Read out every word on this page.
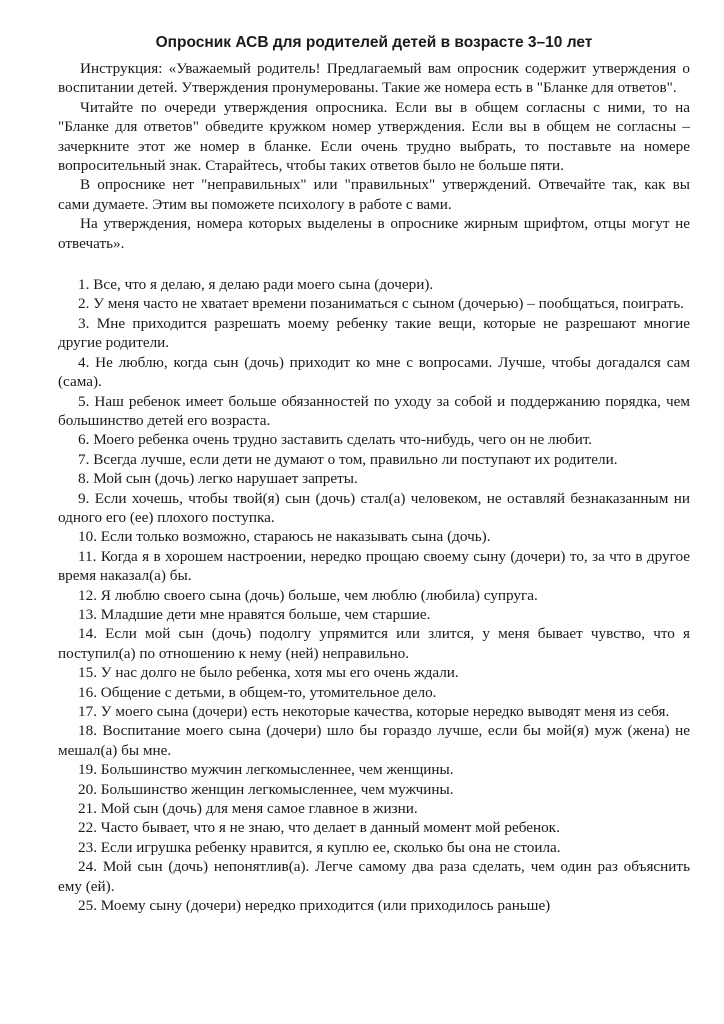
Опросник АСВ для родителей детей в возрасте 3–10 лет

Инструкция: «Уважаемый родитель! Предлагаемый вам опросник содержит утверждения о воспитании детей. Утверждения пронумерованы. Такие же номера есть в "Бланке для ответов".

Читайте по очереди утверждения опросника. Если вы в общем согласны с ними, то на "Бланке для ответов" обведите кружком номер утверждения. Если вы в общем не согласны – зачеркните этот же номер в бланке. Если очень трудно выбрать, то поставьте на номере вопросительный знак. Старайтесь, чтобы таких ответов было не больше пяти.

В опроснике нет "неправильных" или "правильных" утверждений. Отвечайте так, как вы сами думаете. Этим вы поможете психологу в работе с вами.

На утверждения, номера которых выделены в опроснике жирным шрифтом, отцы могут не отвечать».

1. Все, что я делаю, я делаю ради моего сына (дочери).

2. У меня часто не хватает времени позаниматься с сыном (дочерью) – пообщаться, поиграть.

3. Мне приходится разрешать моему ребенку такие вещи, которые не разрешают многие другие родители.

4. Не люблю, когда сын (дочь) приходит ко мне с вопросами. Лучше, чтобы догадался сам (сама).

5. Наш ребенок имеет больше обязанностей по уходу за собой и поддержанию порядка, чем большинство детей его возраста.

6. Моего ребенка очень трудно заставить сделать что-нибудь, чего он не любит.

7. Всегда лучше, если дети не думают о том, правильно ли поступают их родители.

8. Мой сын (дочь) легко нарушает запреты.

9. Если хочешь, чтобы твой(я) сын (дочь) стал(а) человеком, не оставляй безнаказанным ни одного его (ее) плохого поступка.

10. Если только возможно, стараюсь не наказывать сына (дочь).

11. Когда я в хорошем настроении, нередко прощаю своему сыну (дочери) то, за что в другое время наказал(а) бы.

12. Я люблю своего сына (дочь) больше, чем люблю (любила) супруга.

13. Младшие дети мне нравятся больше, чем старшие.

14. Если мой сын (дочь) подолгу упрямится или злится, у меня бывает чувство, что я поступил(а) по отношению к нему (ней) неправильно.

15. У нас долго не было ребенка, хотя мы его очень ждали.

16. Общение с детьми, в общем-то, утомительное дело.

17. У моего сына (дочери) есть некоторые качества, которые нередко выводят меня из себя.

18. Воспитание моего сына (дочери) шло бы гораздо лучше, если бы мой(я) муж (жена) не мешал(а) бы мне.

19. Большинство мужчин легкомысленнее, чем женщины.

20. Большинство женщин легкомысленнее, чем мужчины.

21. Мой сын (дочь) для меня самое главное в жизни.

22. Часто бывает, что я не знаю, что делает в данный момент мой ребенок.

23. Если игрушка ребенку нравится, я куплю ее, сколько бы она не стоила.

24. Мой сын (дочь) непонятлив(а). Легче самому два раза сделать, чем один раз объяснить ему (ей).

25. Моему сыну (дочери) нередко приходится (или приходилось раньше)
